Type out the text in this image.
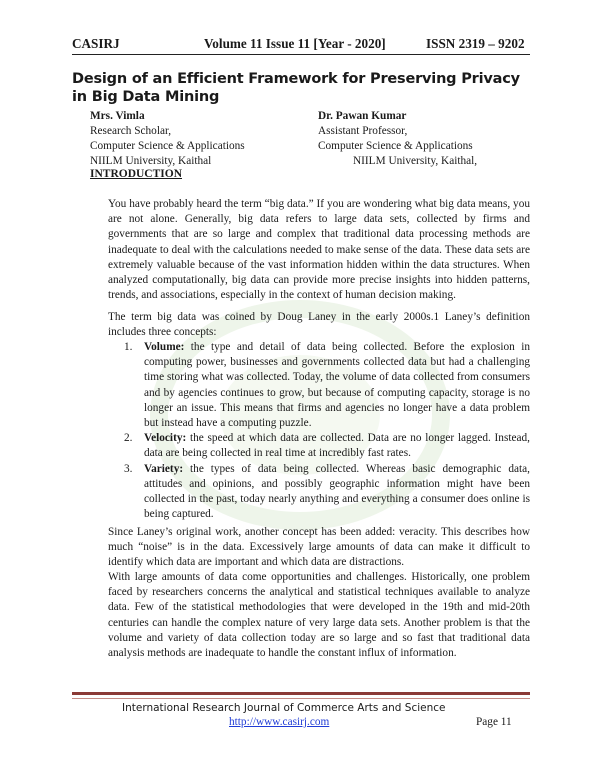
CASIRJ	Volume 11 Issue 11 [Year - 2020]	ISSN 2319 – 9202
Design of an Efficient Framework for Preserving Privacy in Big Data Mining
Mrs. Vimla
Research Scholar,
Computer Science & Applications
NIILM University, Kaithal
Dr. Pawan Kumar
Assistant Professor,
Computer Science & Applications
NIILM University, Kaithal,
INTRODUCTION
You have probably heard the term “big data.” If you are wondering what big data means, you are not alone. Generally, big data refers to large data sets, collected by firms and governments that are so large and complex that traditional data processing methods are inadequate to deal with the calculations needed to make sense of the data. These data sets are extremely valuable because of the vast information hidden within the data structures. When analyzed computationally, big data can provide more precise insights into hidden patterns, trends, and associations, especially in the context of human decision making.
The term big data was coined by Doug Laney in the early 2000s.1 Laney’s definition includes three concepts:
1. Volume: the type and detail of data being collected. Before the explosion in computing power, businesses and governments collected data but had a challenging time storing what was collected. Today, the volume of data collected from consumers and by agencies continues to grow, but because of computing capacity, storage is no longer an issue. This means that firms and agencies no longer have a data problem but instead have a computing puzzle.
2. Velocity: the speed at which data are collected. Data are no longer lagged. Instead, data are being collected in real time at incredibly fast rates.
3. Variety: the types of data being collected. Whereas basic demographic data, attitudes and opinions, and possibly geographic information might have been collected in the past, today nearly anything and everything a consumer does online is being captured.
Since Laney’s original work, another concept has been added: veracity. This describes how much “noise” is in the data. Excessively large amounts of data can make it difficult to identify which data are important and which data are distractions.
With large amounts of data come opportunities and challenges. Historically, one problem faced by researchers concerns the analytical and statistical techniques available to analyze data. Few of the statistical methodologies that were developed in the 19th and mid-20th centuries can handle the complex nature of very large data sets. Another problem is that the volume and variety of data collection today are so large and so fast that traditional data analysis methods are inadequate to handle the constant influx of information.
International Research Journal of Commerce Arts and Science
http://www.casirj.com	Page 11
